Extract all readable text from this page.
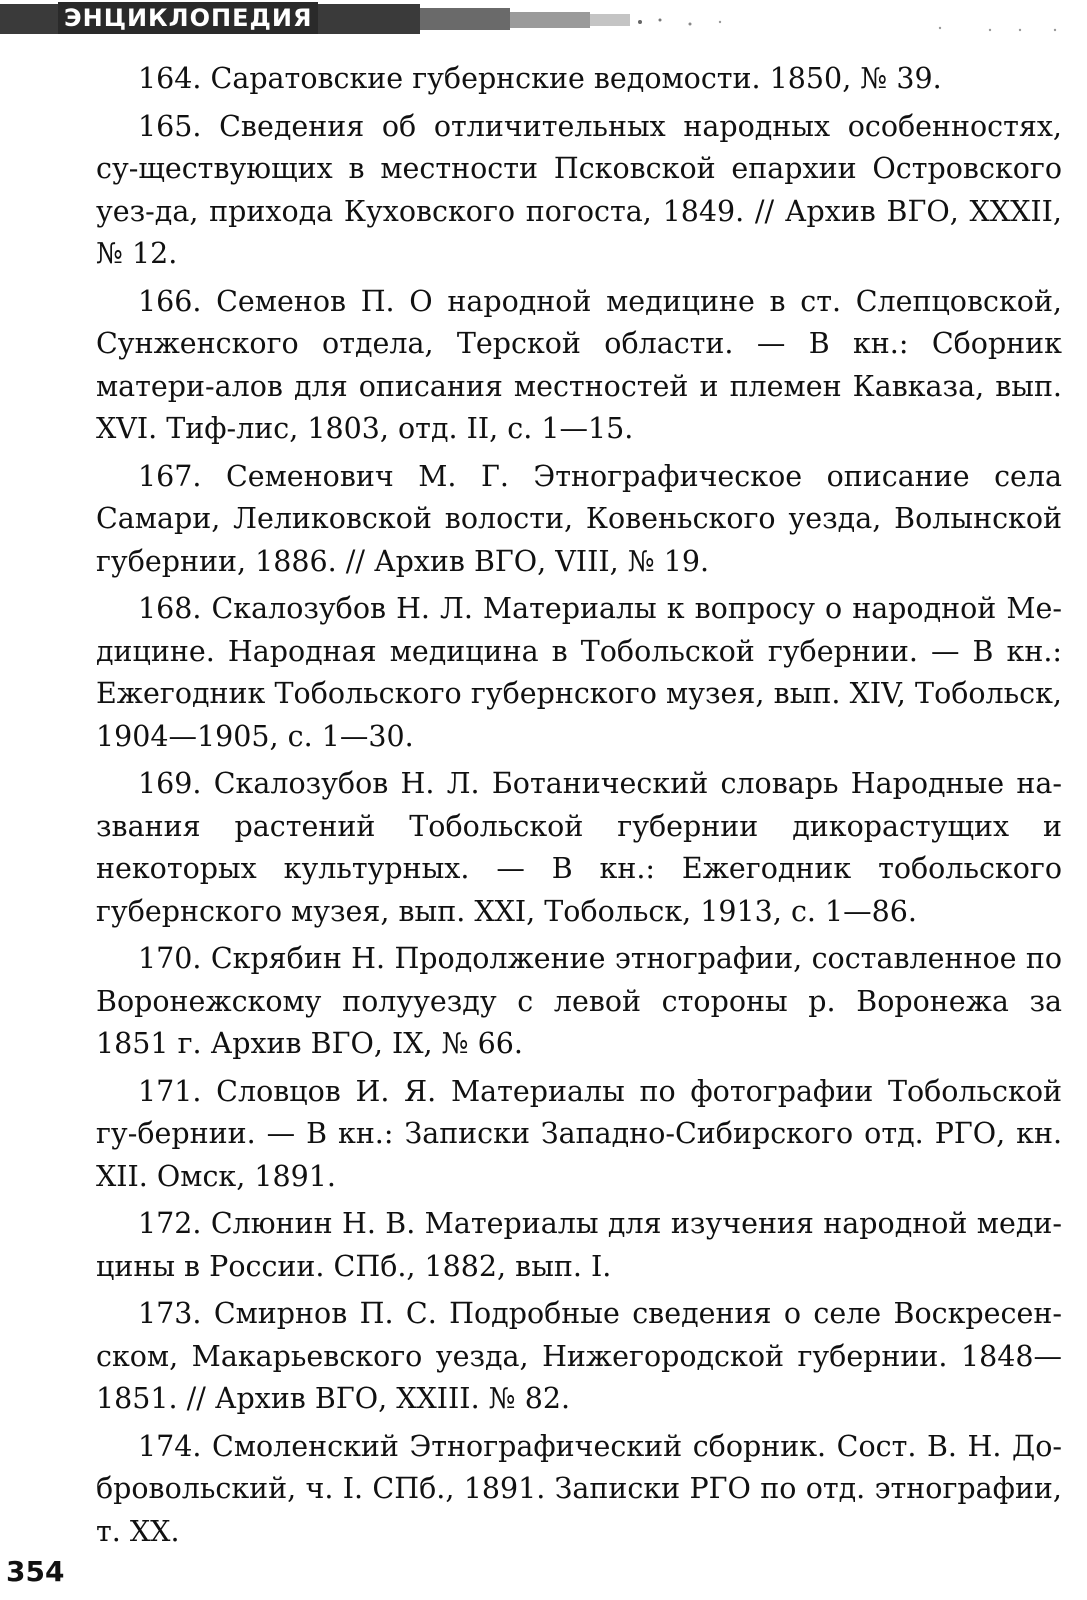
ЭНЦИКЛОПЕДИЯ

164. Саратовские губернские ведомости. 1850, № 39.

165. Сведения об отличительных народных особенностях, су-ществующих в местности Псковской епархии Островского уез-да, прихода Куховского погоста, 1849. // Архив ВГО, XXXII, № 12.

166. Семенов П. О народной медицине в ст. Слепцовской, Сунженского отдела, Терской области. — В кн.: Сборник матери-алов для описания местностей и племен Кавказа, вып. XVI. Тиф-лис, 1803, отд. II, с. 1—15.

167. Семенович М. Г. Этнографическое описание села Самари, Леликовской волости, Ковеньского уезда, Волынской губернии, 1886. // Архив ВГО, VIII, № 19.

168. Скалозубов Н. Л. Материалы к вопросу о народной Ме-дицине. Народная медицина в Тобольской губернии. — В кн.: Ежегодник Тобольского губернского музея, вып. XIV, Тобольск, 1904—1905, с. 1—30.

169. Скалозубов Н. Л. Ботанический словарь Народные на-звания растений Тобольской губернии дикорастущих и некоторых культурных. — В кн.: Ежегодник тобольского губернского музея, вып. XXI, Тобольск, 1913, с. 1—86.

170. Скрябин Н. Продолжение этнографии, составленное по Воронежскому полууезду с левой стороны р. Воронежа за 1851 г. Архив ВГО, IX, № 66.

171. Словцов И. Я. Материалы по фотографии Тобольской гу-бернии. — В кн.: Записки Западно-Сибирского отд. РГО, кн. XII. Омск, 1891.

172. Слюнин Н. В. Материалы для изучения народной меди-цины в России. СПб., 1882, вып. I.

173. Смирнов П. С. Подробные сведения о селе Воскресен-ском, Макарьевского уезда, Нижегородской губернии. 1848—1851. // Архив ВГО, XXIII. № 82.

174. Смоленский Этнографический сборник. Сост. В. Н. До-бровольский, ч. I. СПб., 1891. Записки РГО по отд. этнографии, т. XX.

354
